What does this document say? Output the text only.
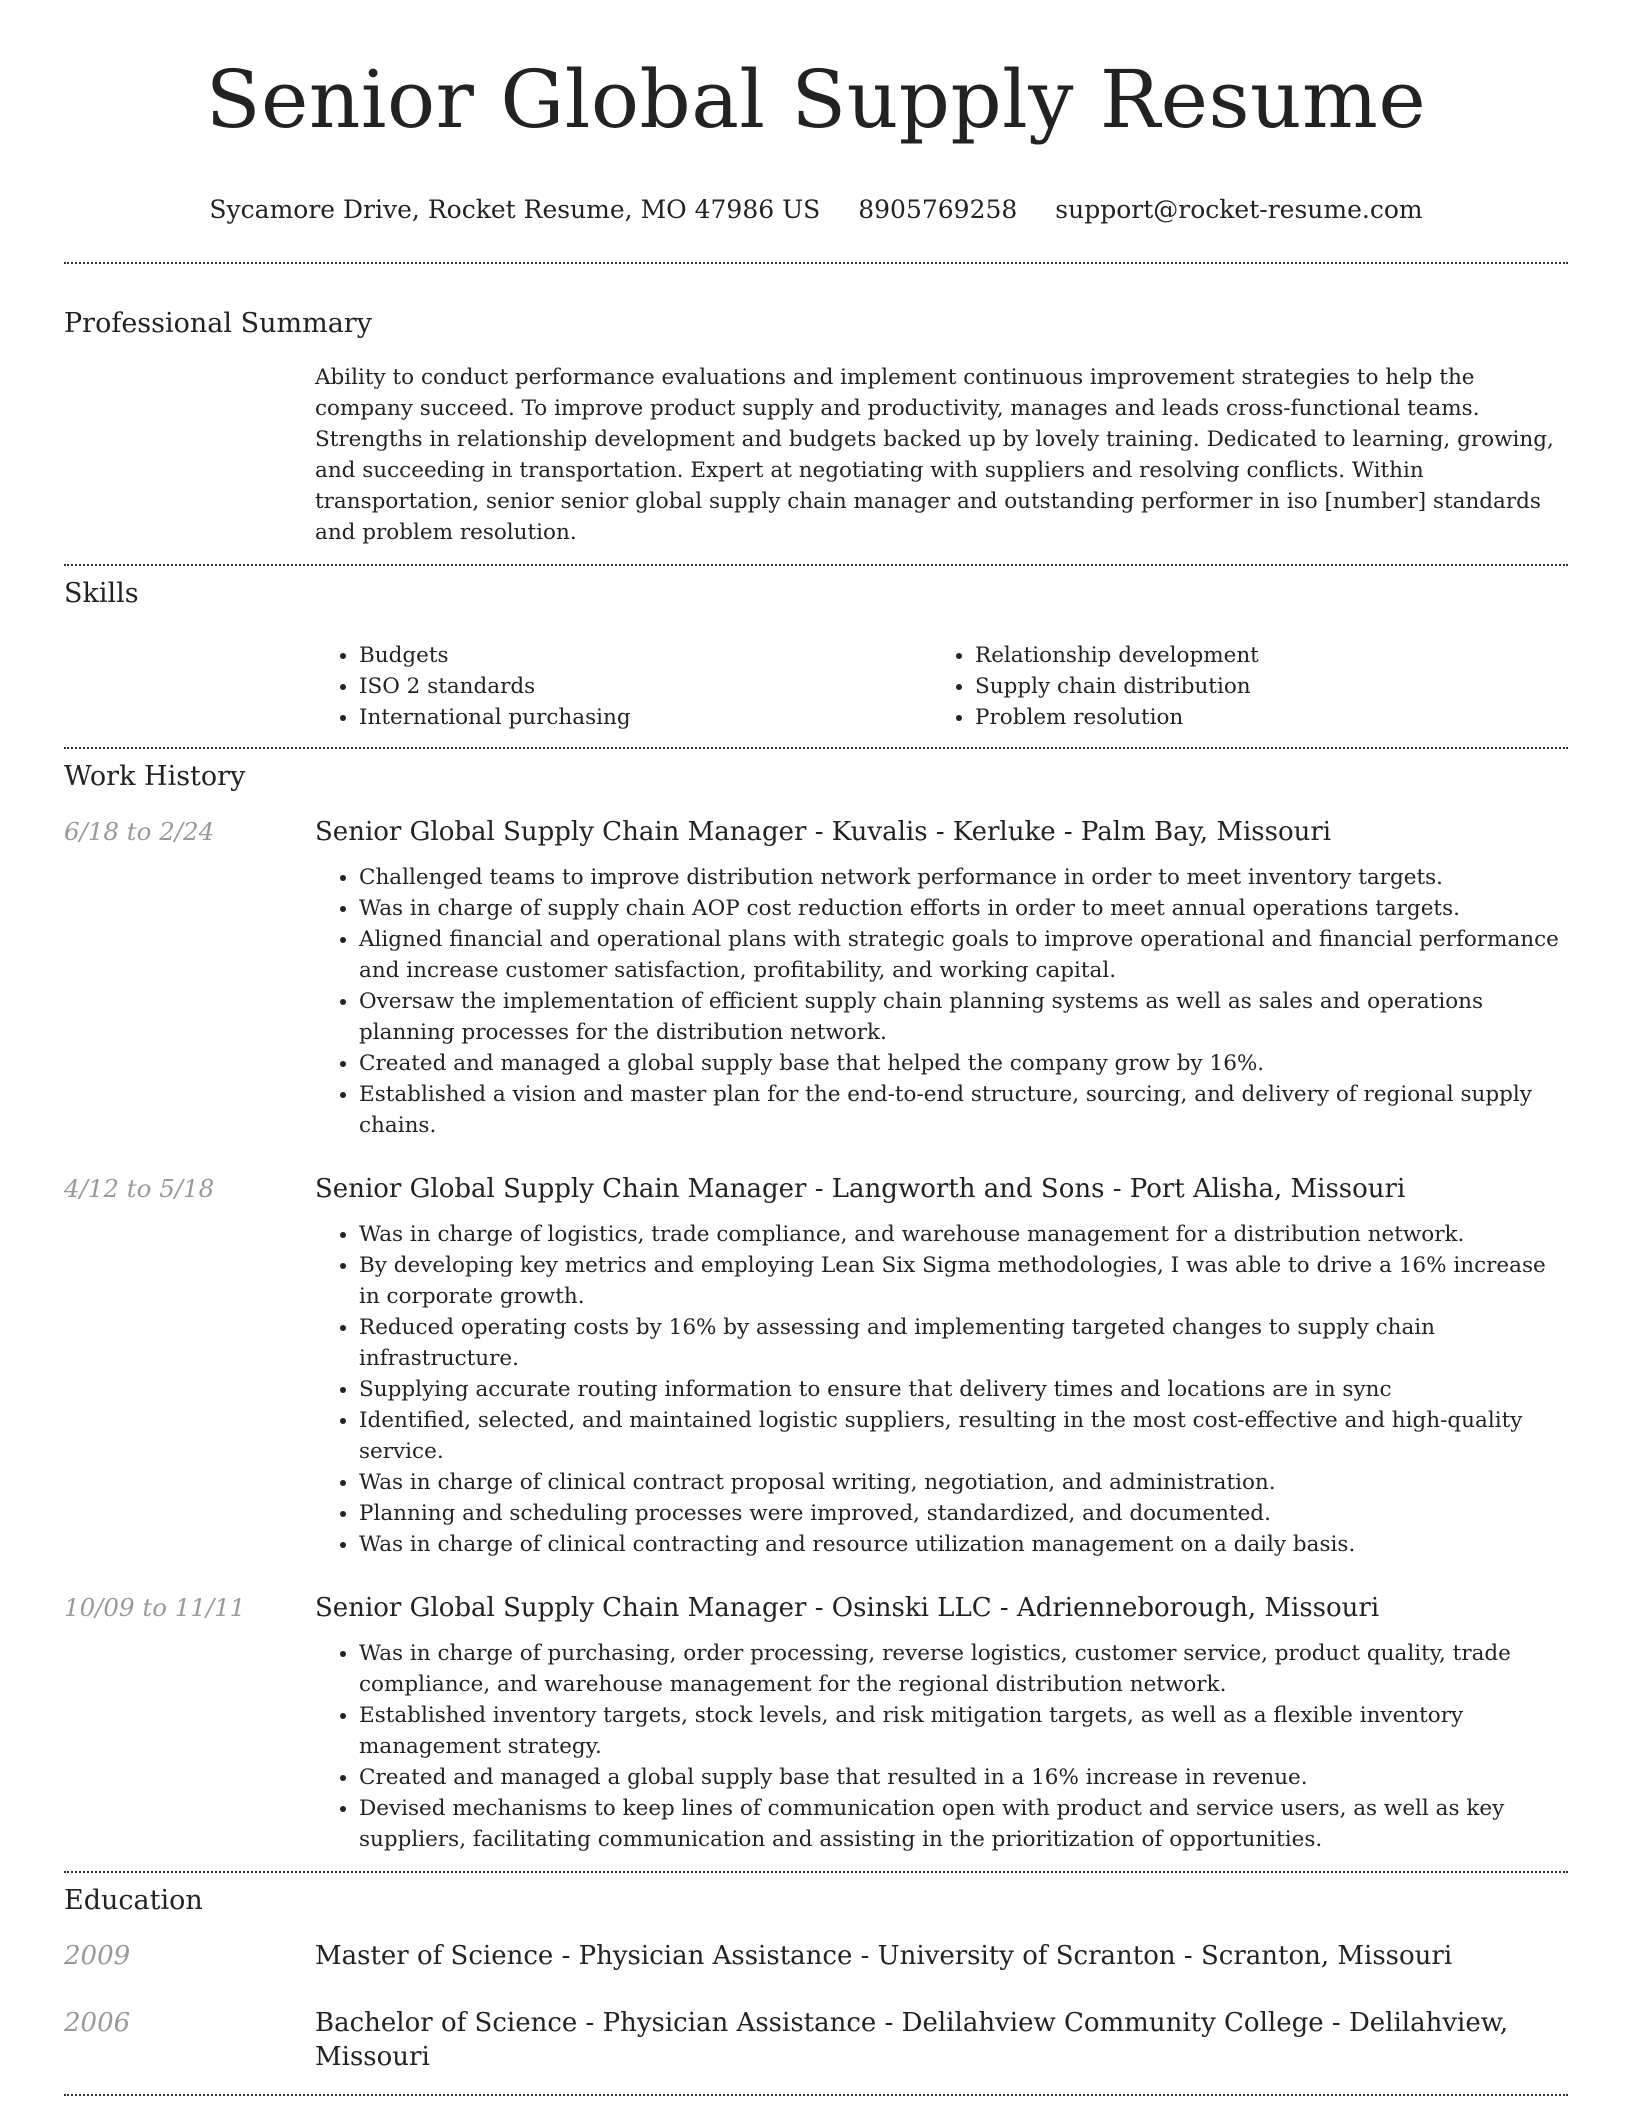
Senior Global Supply Resume
Sycamore Drive, Rocket Resume, MO 47986 US 8905769258 support@rocket-resume.com
Professional Summary
Ability to conduct performance evaluations and implement continuous improvement strategies to help the company succeed. To improve product supply and productivity, manages and leads cross-functional teams. Strengths in relationship development and budgets backed up by lovely training. Dedicated to learning, growing, and succeeding in transportation. Expert at negotiating with suppliers and resolving conflicts. Within transportation, senior senior global supply chain manager and outstanding performer in iso [number] standards and problem resolution.
Skills
• Budgets
• ISO 2 standards
• International purchasing
• Relationship development
• Supply chain distribution
• Problem resolution
Work History
6/18 to 2/24	Senior Global Supply Chain Manager - Kuvalis - Kerluke - Palm Bay, Missouri
• Challenged teams to improve distribution network performance in order to meet inventory targets.
• Was in charge of supply chain AOP cost reduction efforts in order to meet annual operations targets.
• Aligned financial and operational plans with strategic goals to improve operational and financial performance and increase customer satisfaction, profitability, and working capital.
• Oversaw the implementation of efficient supply chain planning systems as well as sales and operations planning processes for the distribution network.
• Created and managed a global supply base that helped the company grow by 16%.
• Established a vision and master plan for the end-to-end structure, sourcing, and delivery of regional supply chains.
4/12 to 5/18	Senior Global Supply Chain Manager - Langworth and Sons - Port Alisha, Missouri
• Was in charge of logistics, trade compliance, and warehouse management for a distribution network.
• By developing key metrics and employing Lean Six Sigma methodologies, I was able to drive a 16% increase in corporate growth.
• Reduced operating costs by 16% by assessing and implementing targeted changes to supply chain infrastructure.
• Supplying accurate routing information to ensure that delivery times and locations are in sync
• Identified, selected, and maintained logistic suppliers, resulting in the most cost-effective and high-quality service.
• Was in charge of clinical contract proposal writing, negotiation, and administration.
• Planning and scheduling processes were improved, standardized, and documented.
• Was in charge of clinical contracting and resource utilization management on a daily basis.
10/09 to 11/11	Senior Global Supply Chain Manager - Osinski LLC - Adrienneborough, Missouri
• Was in charge of purchasing, order processing, reverse logistics, customer service, product quality, trade compliance, and warehouse management for the regional distribution network.
• Established inventory targets, stock levels, and risk mitigation targets, as well as a flexible inventory management strategy.
• Created and managed a global supply base that resulted in a 16% increase in revenue.
• Devised mechanisms to keep lines of communication open with product and service users, as well as key suppliers, facilitating communication and assisting in the prioritization of opportunities.
Education
2009	Master of Science - Physician Assistance - University of Scranton - Scranton, Missouri
2006	Bachelor of Science - Physician Assistance - Delilahview Community College - Delilahview, Missouri
